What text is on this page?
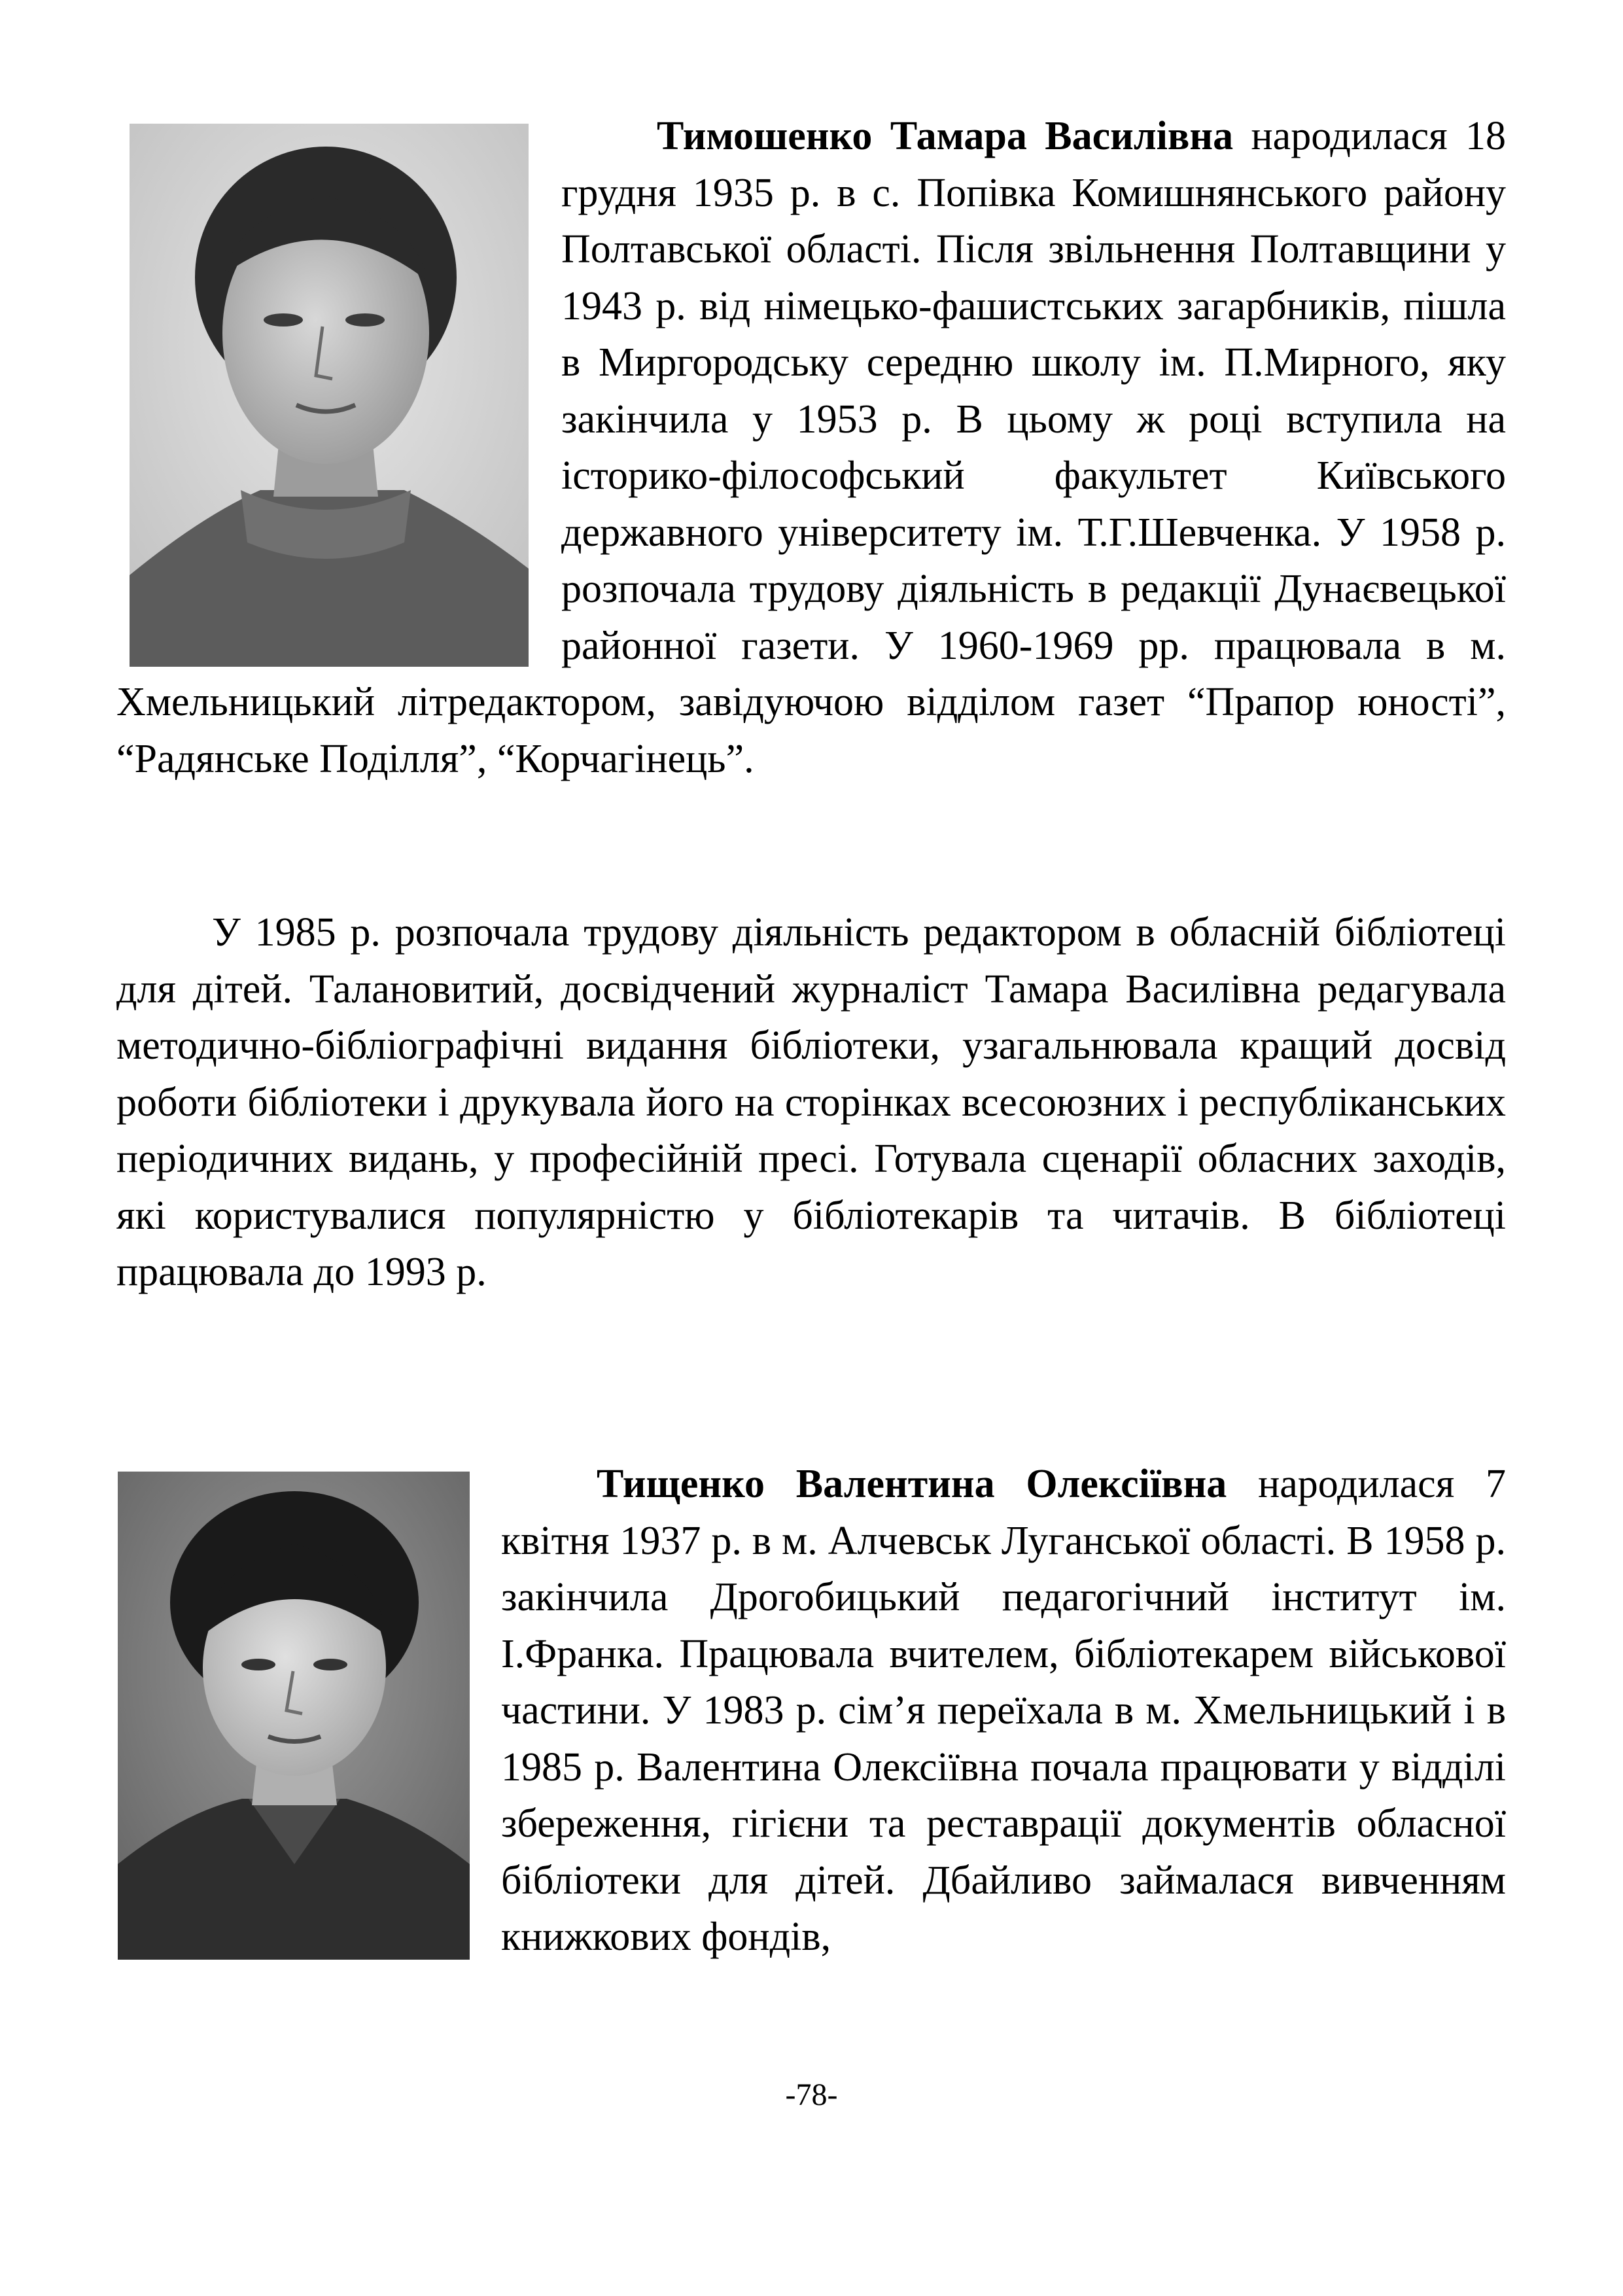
Тимошенко Тамара Василівна народилася 18 грудня 1935 р. в с. Попівка Комишнянського району Полтавської області. Після звільнення Полтавщини у 1943 р. від німецько-фашистських загарбників, пішла в Миргородську середню школу ім. П.Мирного, яку закінчила у 1953 р. В цьому ж році вступила на історико-філософський факультет Київського державного університету ім. Т.Г.Шевченка. У 1958 р. розпочала трудову діяльність в редакції Дунаєвецької районної газети. У 1960-1969 рр. працювала в м. Хмельницький літредактором, завідуючою відділом газет “Прапор юності”, “Радянське Поділля”, “Корчагінець”.

У 1985 р. розпочала трудову діяльність редактором в обласній бібліотеці для дітей. Талановитий, досвідчений журналіст Тамара Василівна редагувала методично-бібліографічні видання бібліотеки, узагальнювала кращий досвід роботи бібліотеки і друкувала його на сторінках всесоюзних і республіканських періодичних видань, у професійній пресі. Готувала сценарії обласних заходів, які користувалися популярністю у бібліотекарів та читачів. В бібліотеці працювала до 1993 р.

Тищенко Валентина Олексіївна народилася 7 квітня 1937 р. в м. Алчевськ Луганської області. В 1958 р. закінчила Дрогобицький педагогічний інститут ім. І.Франка. Працювала вчителем, бібліотекарем військової частини. У 1983 р. сім’я переїхала в м. Хмельницький і в 1985 р. Валентина Олексіївна почала працювати у відділі збереження, гігієни та реставрації документів обласної бібліотеки для дітей. Дбайливо займалася вивченням книжкових фондів,

-78-
